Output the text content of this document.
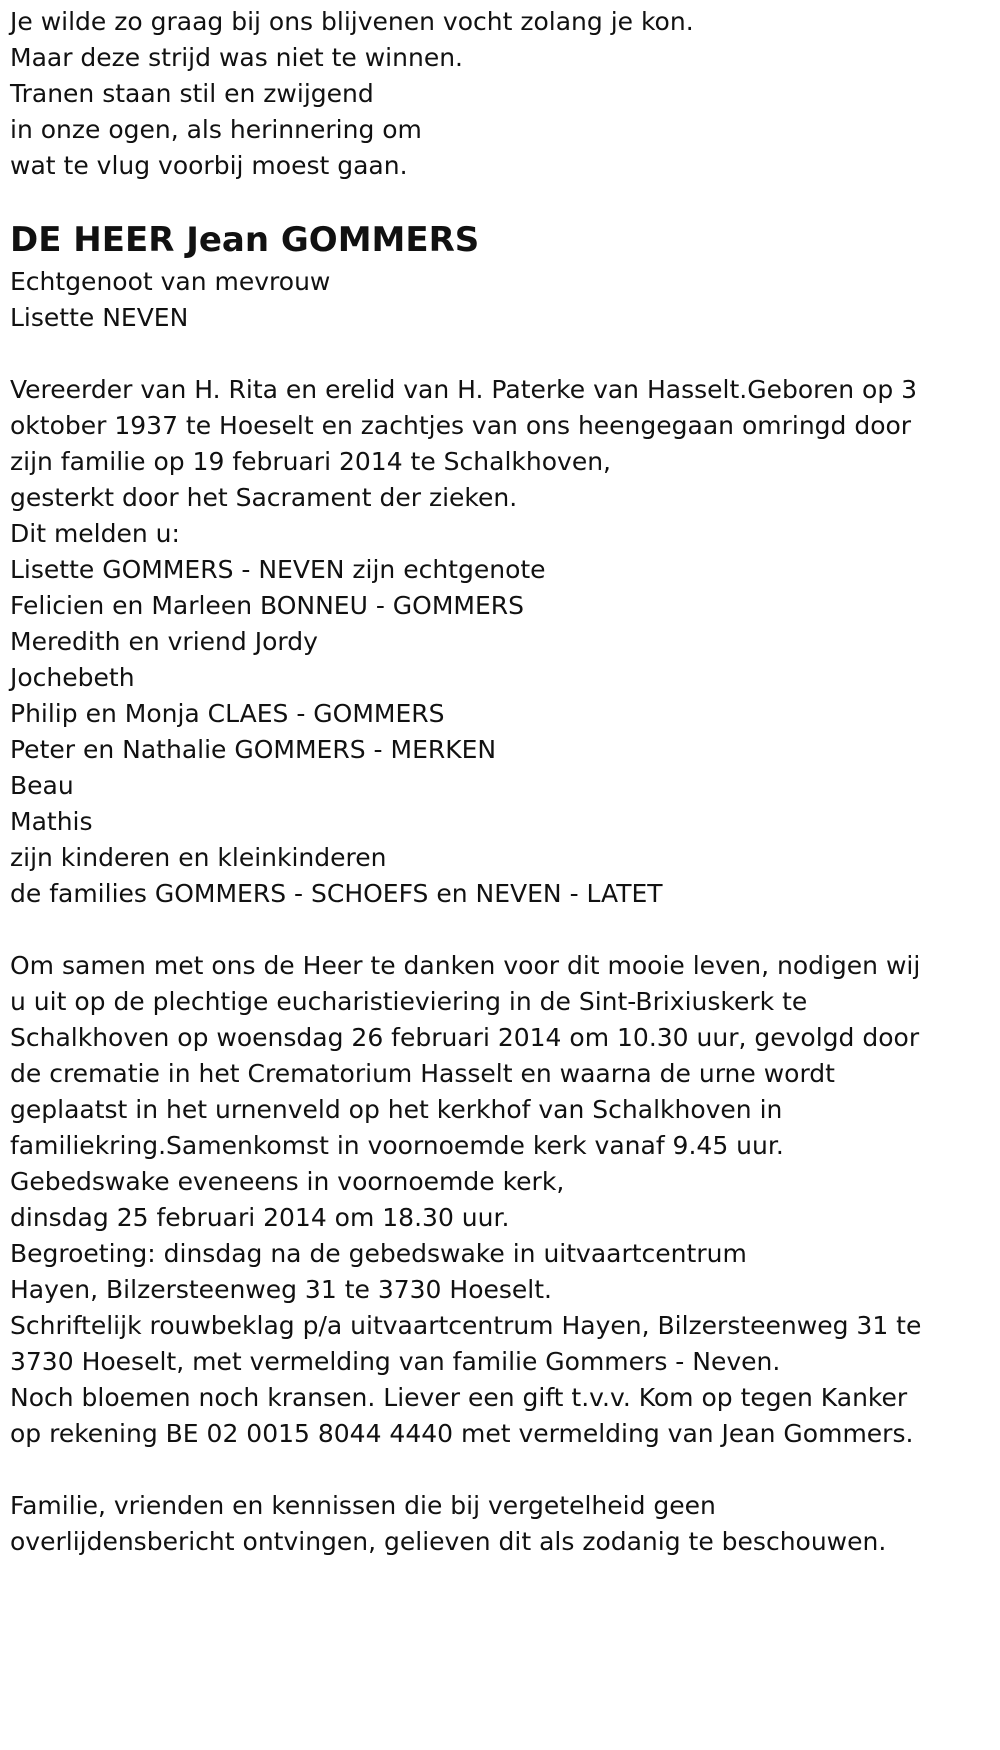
Je wilde zo graag bij ons blijvenen vocht zolang je kon.

Maar deze strijd was niet te winnen.

Tranen staan stil en zwijgend

in onze ogen, als herinnering om

wat te vlug voorbij moest gaan.

DE HEER Jean GOMMERS

Echtgenoot van mevrouw

Lisette NEVEN

Vereerder van H. Rita en erelid van H. Paterke van Hasselt.Geboren op 3

oktober 1937 te Hoeselt en zachtjes van ons heengegaan omringd door

zijn familie op 19 februari 2014 te Schalkhoven,

gesterkt door het Sacrament der zieken.

Dit melden u:

Lisette GOMMERS - NEVEN zijn echtgenote

Felicien en Marleen BONNEU - GOMMERS

Meredith en vriend Jordy

Jochebeth

Philip en Monja CLAES - GOMMERS

Peter en Nathalie GOMMERS - MERKEN

Beau

Mathis

zijn kinderen en kleinkinderen

de families GOMMERS - SCHOEFS en NEVEN - LATET

Om samen met ons de Heer te danken voor dit mooie leven, nodigen wij

u uit op de plechtige eucharistieviering in de Sint-Brixiuskerk te

Schalkhoven op woensdag 26 februari 2014 om 10.30 uur, gevolgd door

de crematie in het Crematorium Hasselt en waarna de urne wordt

geplaatst in het urnenveld op het kerkhof van Schalkhoven in

familiekring.Samenkomst in voornoemde kerk vanaf 9.45 uur.

Gebedswake eveneens in voornoemde kerk,

dinsdag 25 februari 2014 om 18.30 uur.

Begroeting: dinsdag na de gebedswake in uitvaartcentrum

Hayen, Bilzersteenweg 31 te 3730 Hoeselt.

Schriftelijk rouwbeklag p/a uitvaartcentrum Hayen, Bilzersteenweg 31 te

3730 Hoeselt, met vermelding van familie Gommers - Neven.

Noch bloemen noch kransen. Liever een gift t.v.v. Kom op tegen Kanker

op rekening BE 02 0015 8044 4440 met vermelding van Jean Gommers.

Familie, vrienden en kennissen die bij vergetelheid geen

overlijdensbericht ontvingen, gelieven dit als zodanig te beschouwen.
